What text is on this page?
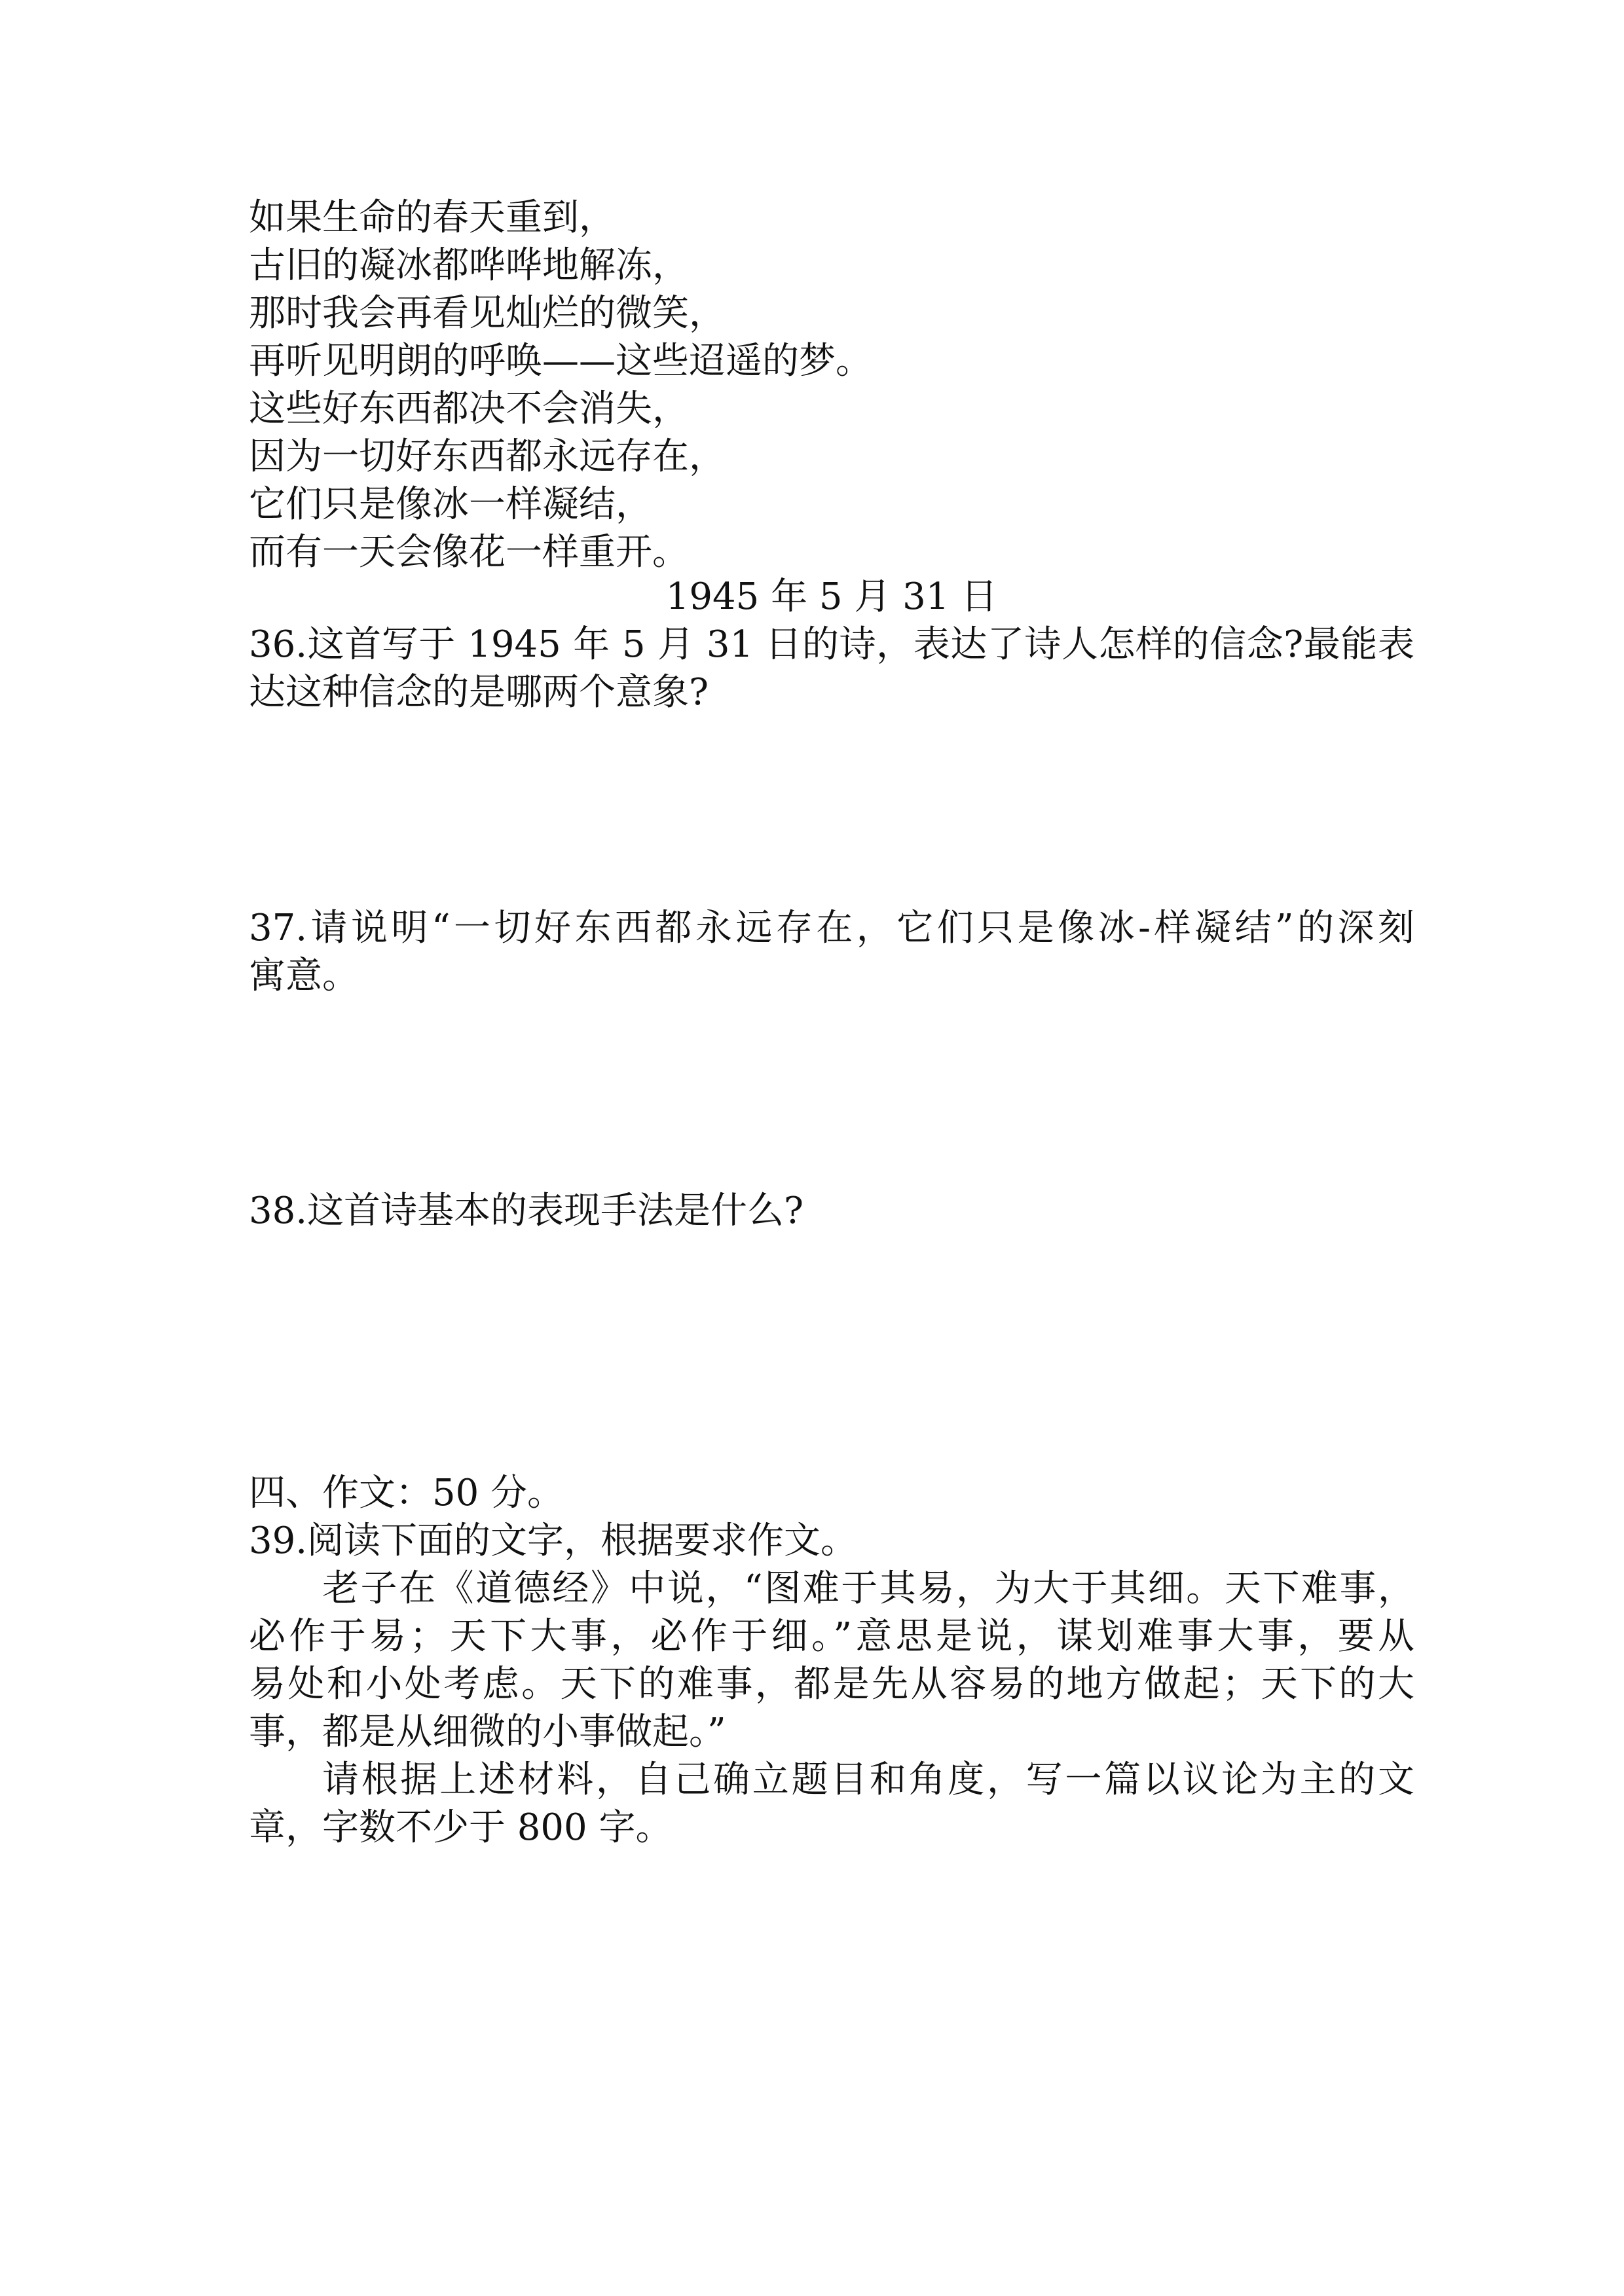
如果生命的春天重到，
古旧的凝冰都哗哗地解冻，
那时我会再看见灿烂的微笑，
再听见明朗的呼唤——这些迢遥的梦。
这些好东西都决不会消失，
因为一切好东西都永远存在，
它们只是像冰一样凝结，
而有一天会像花一样重开。
1945 年 5 月 31 日
36.这首写于 1945 年 5 月 31 日的诗，表达了诗人怎样的信念?最能表
达这种信念的是哪两个意象?
37.请说明“一切好东西都永远存在，它们只是像冰-样凝结”的深刻
寓意。
38.这首诗基本的表现手法是什么?
四、作文：50 分。
39.阅读下面的文字，根据要求作文。
老子在《道德经》中说，“图难于其易，为大于其细。天下难事，
必作于易；天下大事，必作于细。”意思是说，谋划难事大事，要从
易处和小处考虑。天下的难事，都是先从容易的地方做起；天下的大
事，都是从细微的小事做起。”
请根据上述材料，自己确立题目和角度，写一篇以议论为主的文
章，字数不少于 800 字。
